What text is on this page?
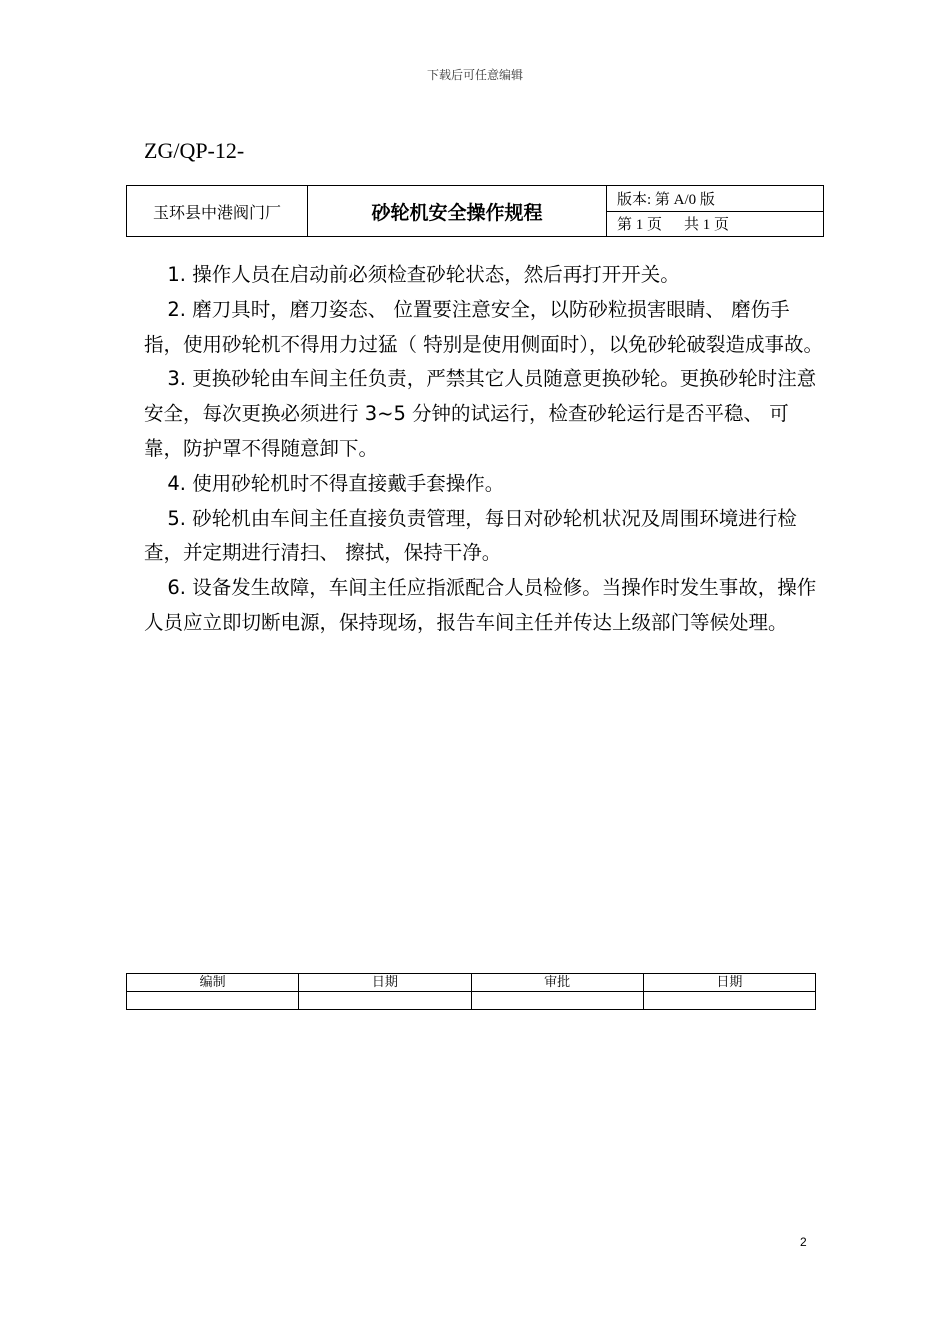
下载后可任意编辑
ZG/QP-12-
玉环县中港阀门厂	砂轮机安全操作规程	版本: 第 A/0 版
第 1 页 共 1 页

1. 操作人员在启动前必须检查砂轮状态，然后再打开开关。

2. 磨刀具时，磨刀姿态、 位置要注意安全，以防砂粒损害眼睛、 磨伤手指，使用砂轮机不得用力过猛（ 特别是使用侧面时），以免砂轮破裂造成事故。

3. 更换砂轮由车间主任负责，严禁其它人员随意更换砂轮。更换砂轮时注意安全，每次更换必须进行 3~5 分钟的试运行，检查砂轮运行是否平稳、 可靠，防护罩不得随意卸下。

4. 使用砂轮机时不得直接戴手套操作。

5. 砂轮机由车间主任直接负责管理，每日对砂轮机状况及周围环境进行检查，并定期进行清扫、 擦拭，保持干净。

6. 设备发生故障，车间主任应指派配合人员检修。当操作时发生事故，操作人员应立即切断电源，保持现场，报告车间主任并传达上级部门等候处理。

编制	日期	审批	日期

2
